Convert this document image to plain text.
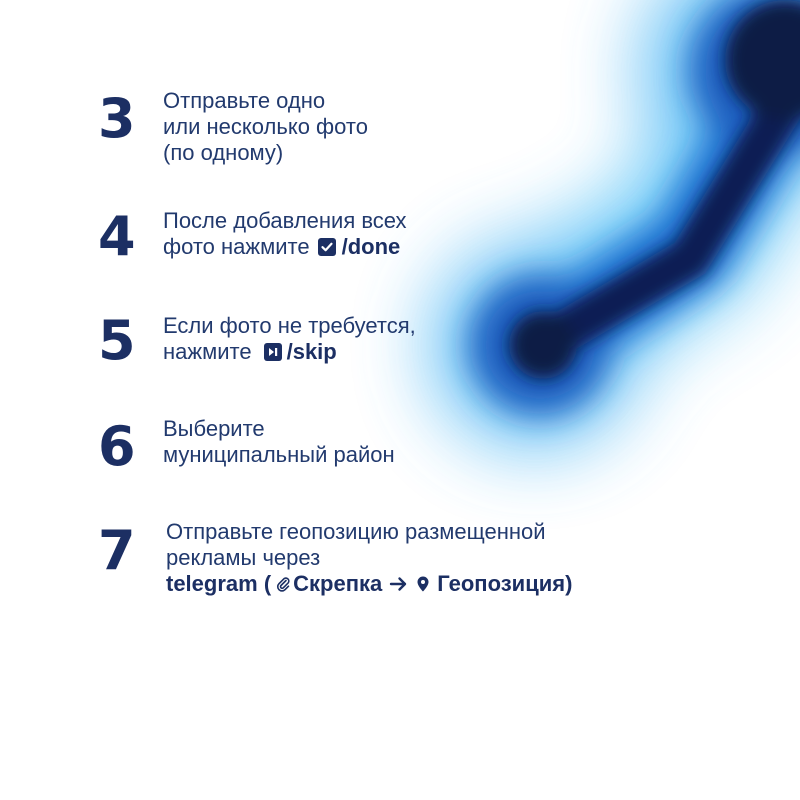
3 Отправьте одно
или несколько фото
(по одному)
4 После добавления всех
фото нажмите /done
5 Если фото не требуется,
нажмите /skip
6 Выберите
муниципальный район
7 Отправьте геопозицию размещенной
рекламы через
telegram ( Скрепка	Геопозиция)
